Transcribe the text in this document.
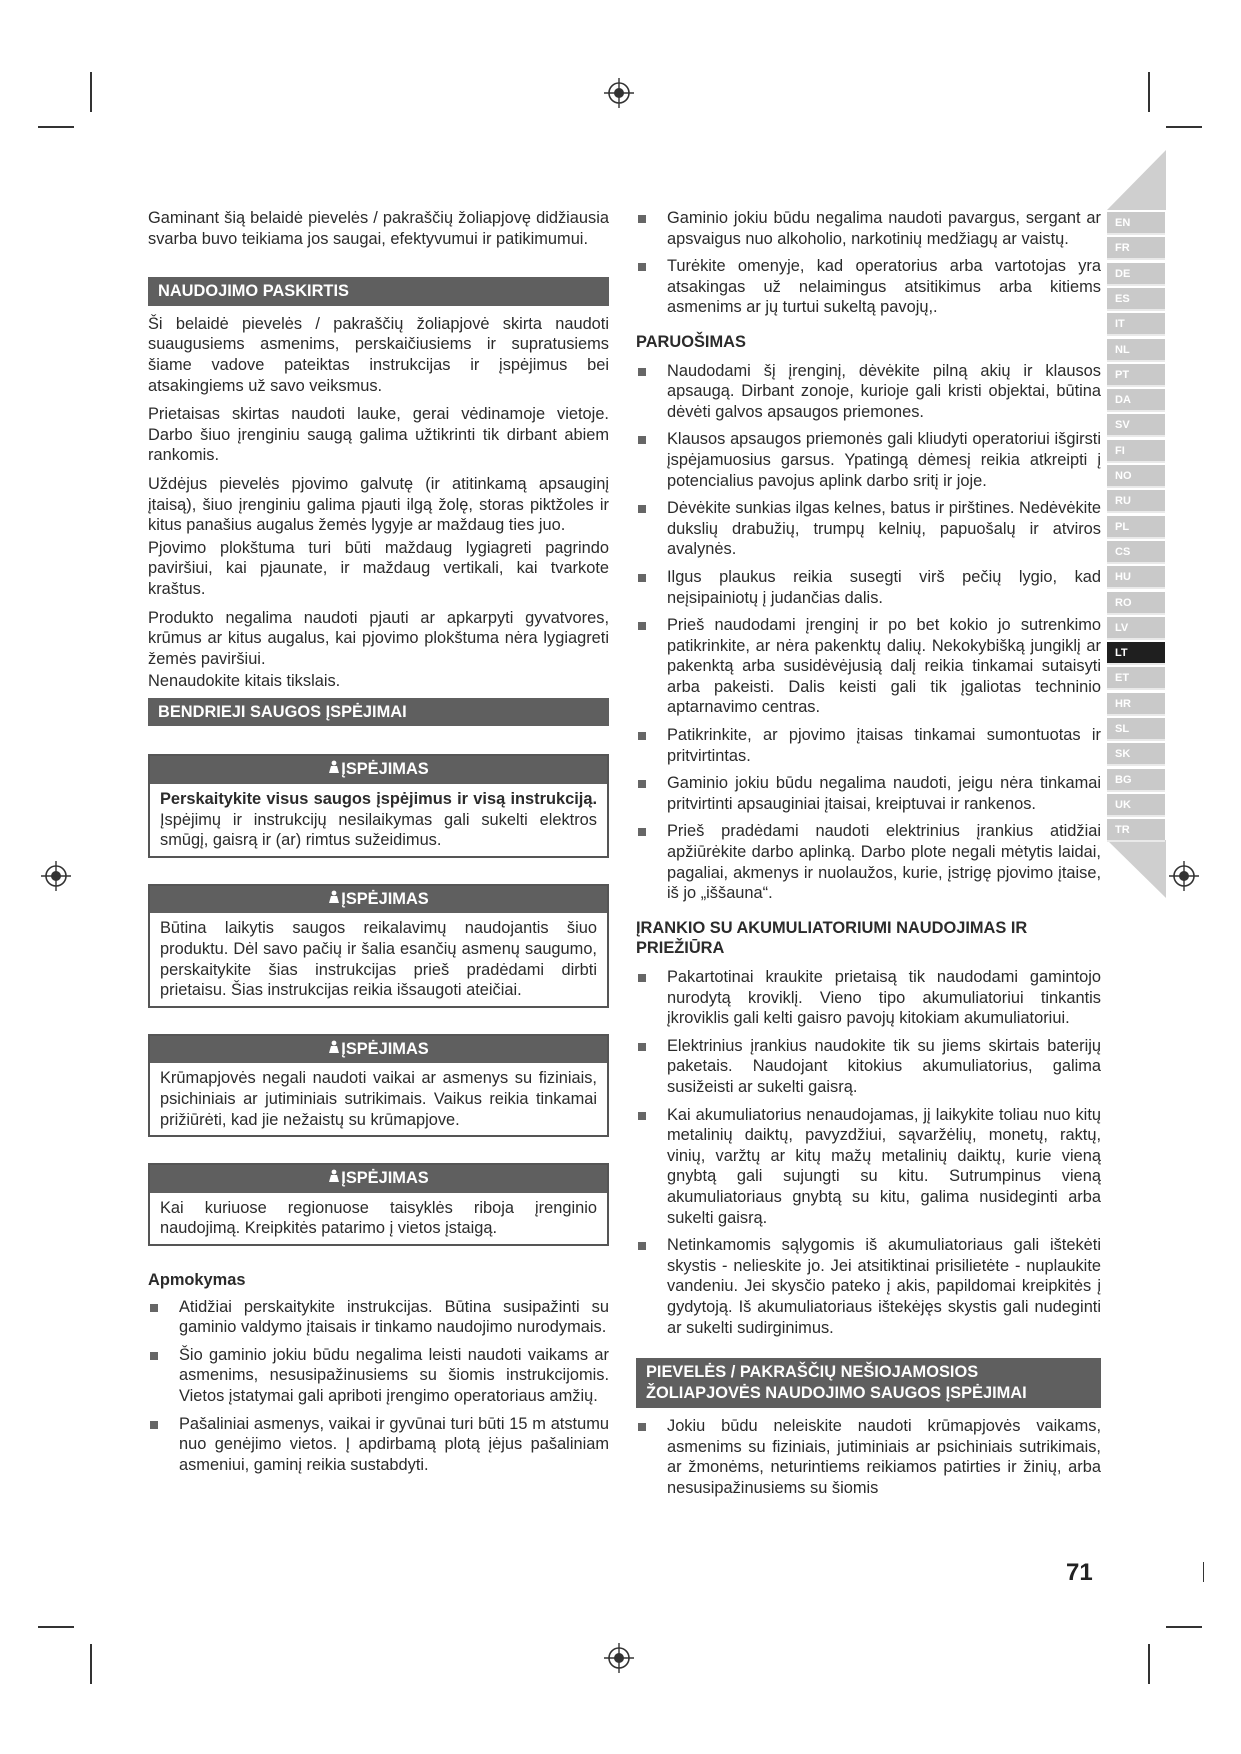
EN
FR
DE
ES
IT
NL
PT
DA
SV
FI
NO
RU
PL
CS
HU
RO
LV
LT
ET
HR
SL
SK
BG
UK
TR

Gaminant šią belaidė pievelės / pakraščių žoliapjovę didžiausia svarba buvo teikiama jos saugai, efektyvumui ir patikimumui.

NAUDOJIMO PASKIRTIS

Ši belaidė pievelės / pakraščių žoliapjovė skirta naudoti suaugusiems asmenims, perskaičiusiems ir supratusiems šiame vadove pateiktas instrukcijas ir įspėjimus bei atsakingiems už savo veiksmus.

Prietaisas skirtas naudoti lauke, gerai vėdinamoje vietoje. Darbo šiuo įrenginiu saugą galima užtikrinti tik dirbant abiem rankomis.

Uždėjus pievelės pjovimo galvutę (ir atitinkamą apsauginį įtaisą), šiuo įrenginiu galima pjauti ilgą žolę, storas piktžoles ir kitus panašius augalus žemės lygyje ar maždaug ties juo.

Pjovimo plokštuma turi būti maždaug lygiagreti pagrindo paviršiui, kai pjaunate, ir maždaug vertikali, kai tvarkote kraštus.

Produkto negalima naudoti pjauti ar apkarpyti gyvatvores, krūmus ar kitus augalus, kai pjovimo plokštuma nėra lygiagreti žemės paviršiui.

Nenaudokite kitais tikslais.

BENDRIEJI SAUGOS ĮSPĖJIMAI
ĮSPĖJIMAS
Perskaitykite visus saugos įspėjimus ir visą instrukciją. Įspėjimų ir instrukcijų nesilaikymas gali sukelti elektros smūgį, gaisrą ir (ar) rimtus sužeidimus.
ĮSPĖJIMAS
Būtina laikytis saugos reikalavimų naudojantis šiuo produktu. Dėl savo pačių ir šalia esančių asmenų saugumo, perskaitykite šias instrukcijas prieš pradėdami dirbti prietaisu. Šias instrukcijas reikia išsaugoti ateičiai.
ĮSPĖJIMAS
Krūmapjovės negali naudoti vaikai ar asmenys su fiziniais, psichiniais ar jutiminiais sutrikimais. Vaikus reikia tinkamai prižiūrėti, kad jie nežaistų su krūmapjove.
ĮSPĖJIMAS
Kai kuriuose regionuose taisyklės riboja įrenginio naudojimą. Kreipkitės patarimo į vietos įstaigą.
Apmokymas
Atidžiai perskaitykite instrukcijas. Būtina susipažinti su gaminio valdymo įtaisais ir tinkamo naudojimo nurodymais.
Šio gaminio jokiu būdu negalima leisti naudoti vaikams ar asmenims, nesusipažinusiems su šiomis instrukcijomis. Vietos įstatymai gali apriboti įrengimo operatoriaus amžių.
Pašaliniai asmenys, vaikai ir gyvūnai turi būti 15 m atstumu nuo genėjimo vietos. Į apdirbamą plotą įėjus pašaliniam asmeniui, gaminį reikia sustabdyti.
Gaminio jokiu būdu negalima naudoti pavargus, sergant ar apsvaigus nuo alkoholio, narkotinių medžiagų ar vaistų.
Turėkite omenyje, kad operatorius arba vartotojas yra atsakingas už nelaimingus atsitikimus arba kitiems asmenims ar jų turtui sukeltą pavojų,.
PARUOŠIMAS
Naudodami šį įrenginį, dėvėkite pilną akių ir klausos apsaugą. Dirbant zonoje, kurioje gali kristi objektai, būtina dėvėti galvos apsaugos priemones.
Klausos apsaugos priemonės gali kliudyti operatoriui išgirsti įspėjamuosius garsus. Ypatingą dėmesį reikia atkreipti į potencialius pavojus aplink darbo sritį ir joje.
Dėvėkite sunkias ilgas kelnes, batus ir pirštines. Nedėvėkite dukslių drabužių, trumpų kelnių, papuošalų ir atviros avalynės.
Ilgus plaukus reikia susegti virš pečių lygio, kad neįsipainiotų į judančias dalis.
Prieš naudodami įrenginį ir po bet kokio jo sutrenkimo patikrinkite, ar nėra pakenktų dalių. Nekokybišką jungiklį ar pakenktą arba susidėvėjusią dalį reikia tinkamai sutaisyti arba pakeisti. Dalis keisti gali tik įgaliotas techninio aptarnavimo centras.
Patikrinkite, ar pjovimo įtaisas tinkamai sumontuotas ir pritvirtintas.
Gaminio jokiu būdu negalima naudoti, jeigu nėra tinkamai pritvirtinti apsauginiai įtaisai, kreiptuvai ir rankenos.
Prieš pradėdami naudoti elektrinius įrankius atidžiai apžiūrėkite darbo aplinką. Darbo plote negali mėtytis laidai, pagaliai, akmenys ir nuolaužos, kurie, įstrigę pjovimo įtaise, iš jo „iššauna“.
ĮRANKIO SU AKUMULIATORIUMI NAUDOJIMAS IR PRIEŽIŪRA
Pakartotinai kraukite prietaisą tik naudodami gamintojo nurodytą kroviklį. Vieno tipo akumuliatoriui tinkantis įkroviklis gali kelti gaisro pavojų kitokiam akumuliatoriui.
Elektrinius įrankius naudokite tik su jiems skirtais baterijų paketais. Naudojant kitokius akumuliatorius, galima susižeisti ar sukelti gaisrą.
Kai akumuliatorius nenaudojamas, jį laikykite toliau nuo kitų metalinių daiktų, pavyzdžiui, sąvaržėlių, monetų, raktų, vinių, varžtų ar kitų mažų metalinių daiktų, kurie vieną gnybtą gali sujungti su kitu. Sutrumpinus vieną akumuliatoriaus gnybtą su kitu, galima nusideginti arba sukelti gaisrą.
Netinkamomis sąlygomis iš akumuliatoriaus gali ištekėti skystis - nelieskite jo. Jei atsitiktinai prisilietėte - nuplaukite vandeniu. Jei skysčio pateko į akis, papildomai kreipkitės į gydytoją. Iš akumuliatoriaus ištekėjęs skystis gali nudeginti ar sukelti sudirginimus.
PIEVELĖS / PAKRAŠČIŲ NEŠIOJAMOSIOS
ŽOLIAPJOVĖS NAUDOJIMO SAUGOS ĮSPĖJIMAI
Jokiu būdu neleiskite naudoti krūmapjovės vaikams, asmenims su fiziniais, jutiminiais ar psichiniais sutrikimais, ar žmonėms, neturintiems reikiamos patirties ir žinių, arba nesusipažinusiems su šiomis
71
